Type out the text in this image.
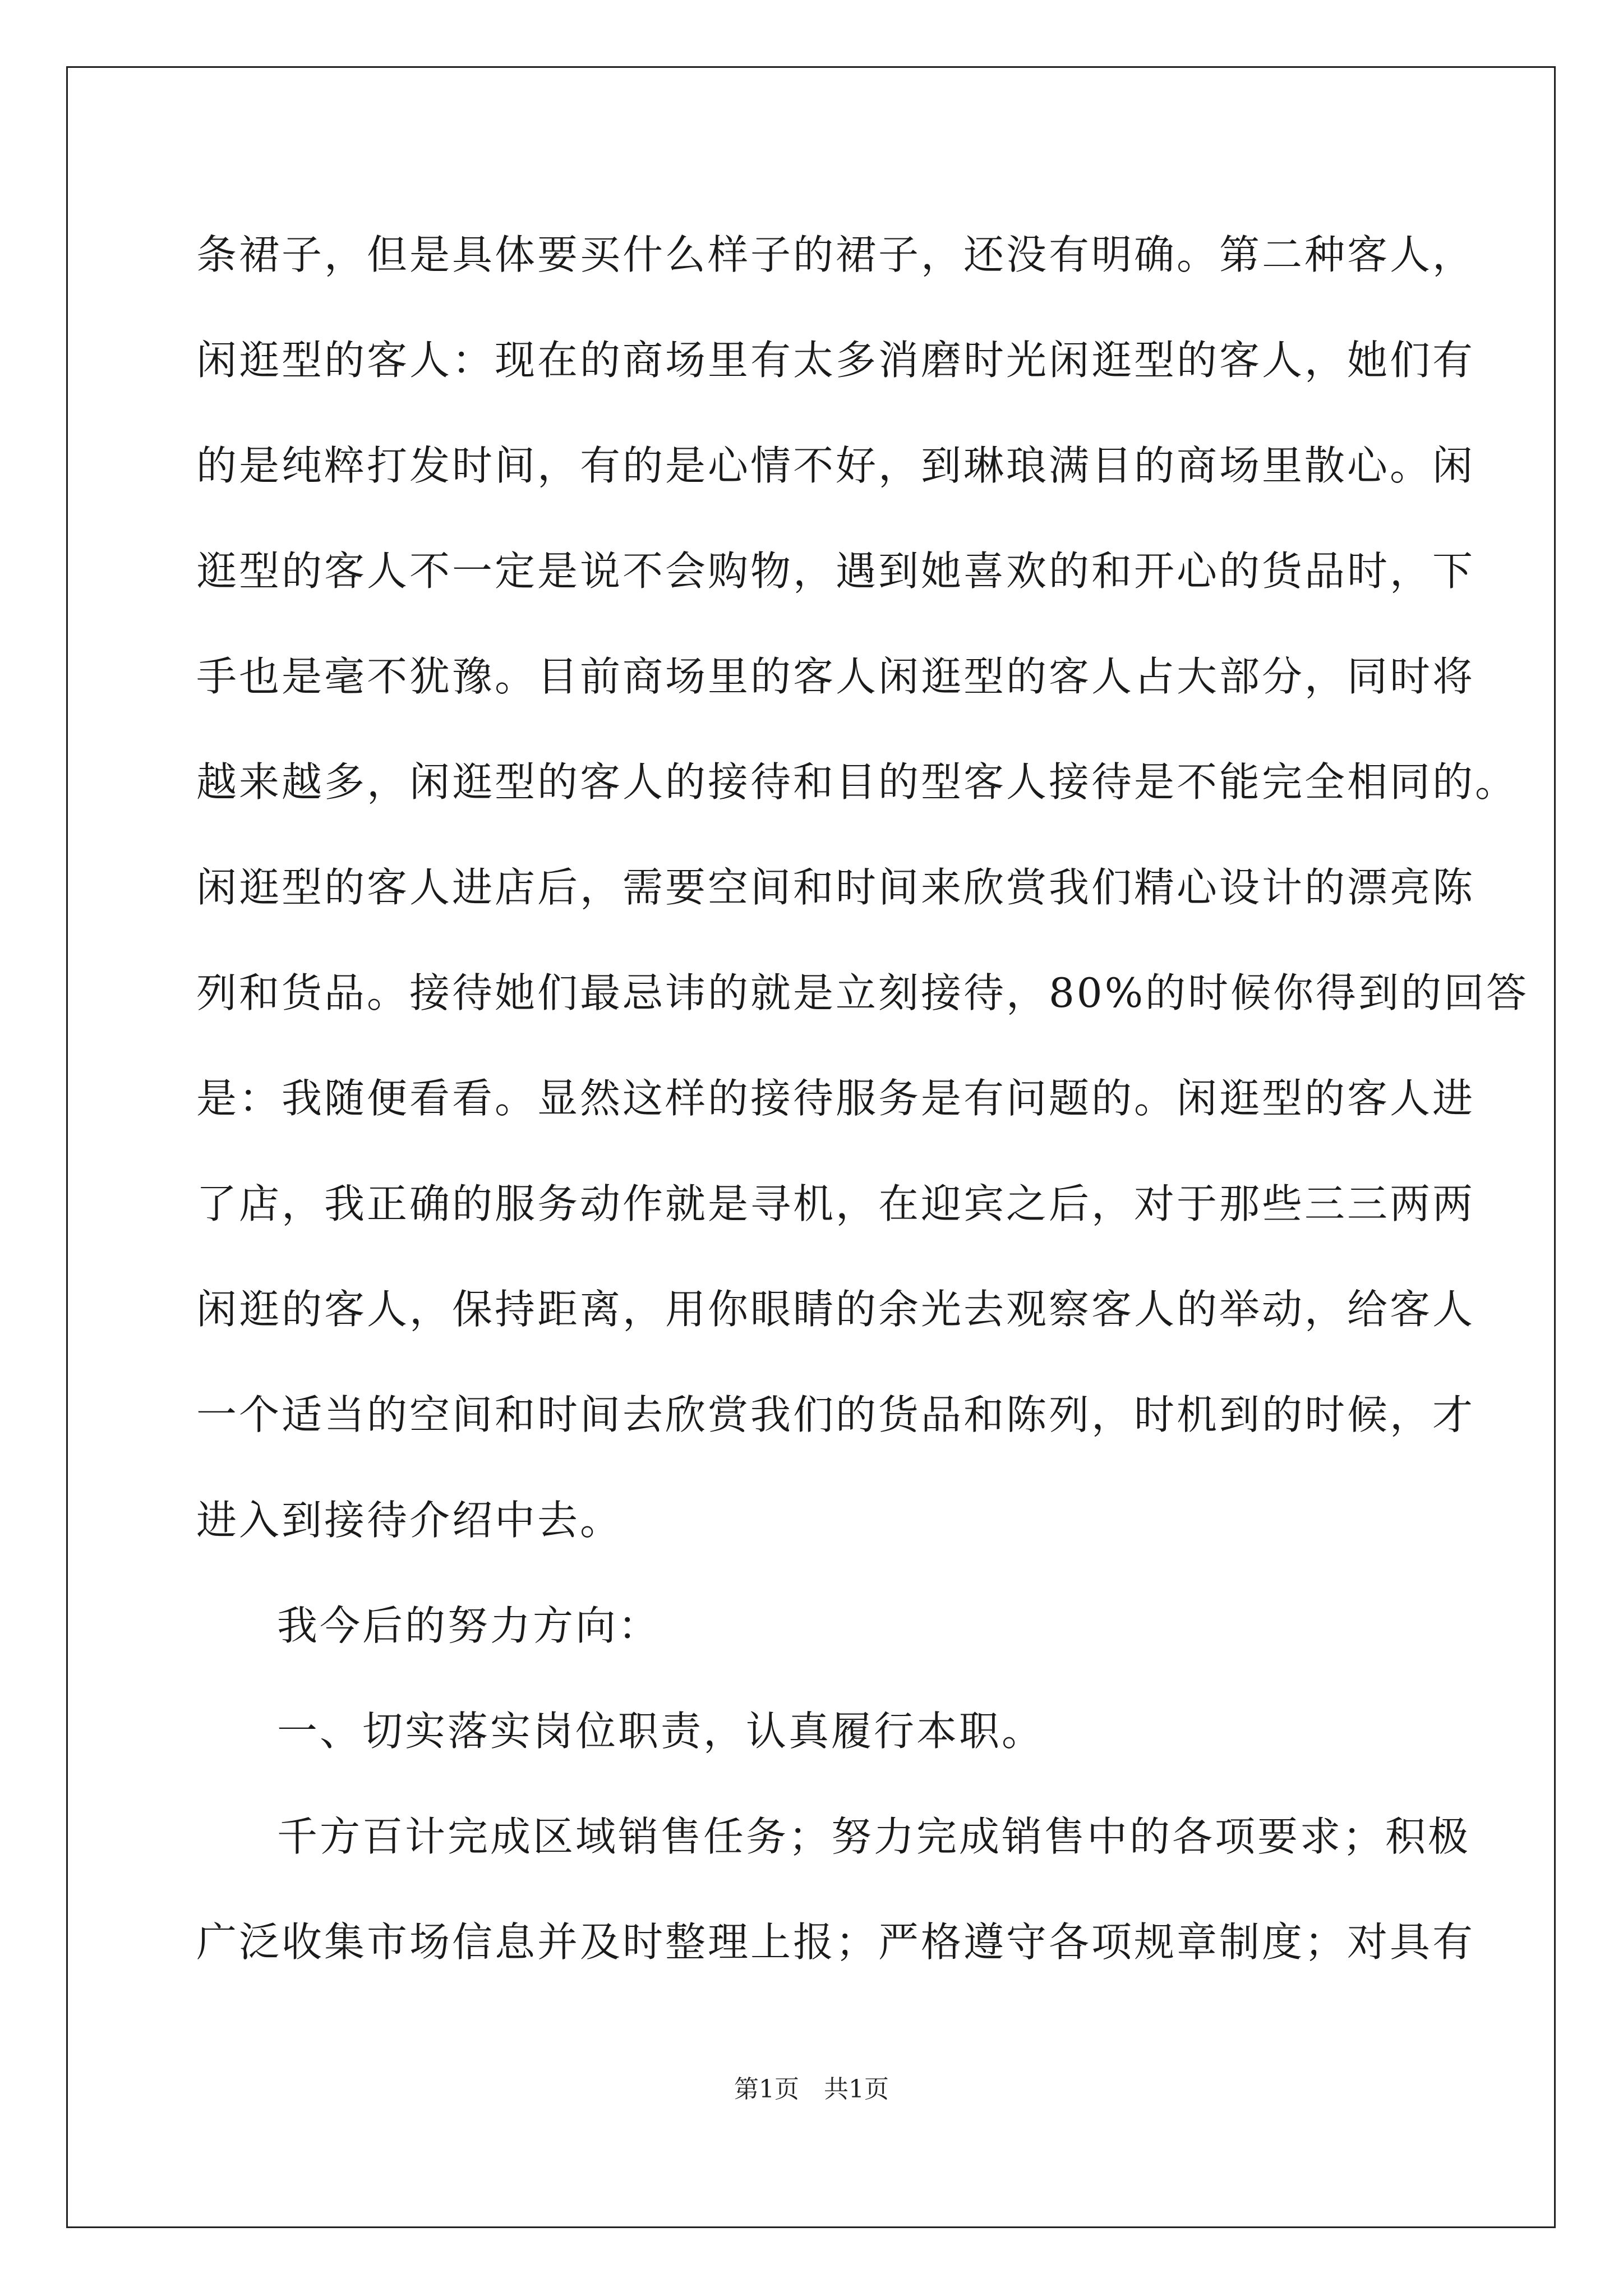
条裙子，但是具体要买什么样子的裙子，还没有明确。第二种客人，
闲逛型的客人：现在的商场里有太多消磨时光闲逛型的客人，她们有
的是纯粹打发时间，有的是心情不好，到琳琅满目的商场里散心。闲
逛型的客人不一定是说不会购物，遇到她喜欢的和开心的货品时，下
手也是毫不犹豫。目前商场里的客人闲逛型的客人占大部分，同时将
越来越多，闲逛型的客人的接待和目的型客人接待是不能完全相同的。
闲逛型的客人进店后，需要空间和时间来欣赏我们精心设计的漂亮陈
列和货品。接待她们最忌讳的就是立刻接待，80%的时候你得到的回答
是：我随便看看。显然这样的接待服务是有问题的。闲逛型的客人进
了店，我正确的服务动作就是寻机，在迎宾之后，对于那些三三两两
闲逛的客人，保持距离，用你眼睛的余光去观察客人的举动，给客人
一个适当的空间和时间去欣赏我们的货品和陈列，时机到的时候，才
进入到接待介绍中去。
我今后的努力方向：
一、切实落实岗位职责，认真履行本职。
千方百计完成区域销售任务；努力完成销售中的各项要求；积极
广泛收集市场信息并及时整理上报；严格遵守各项规章制度；对具有
第1页　共1页
